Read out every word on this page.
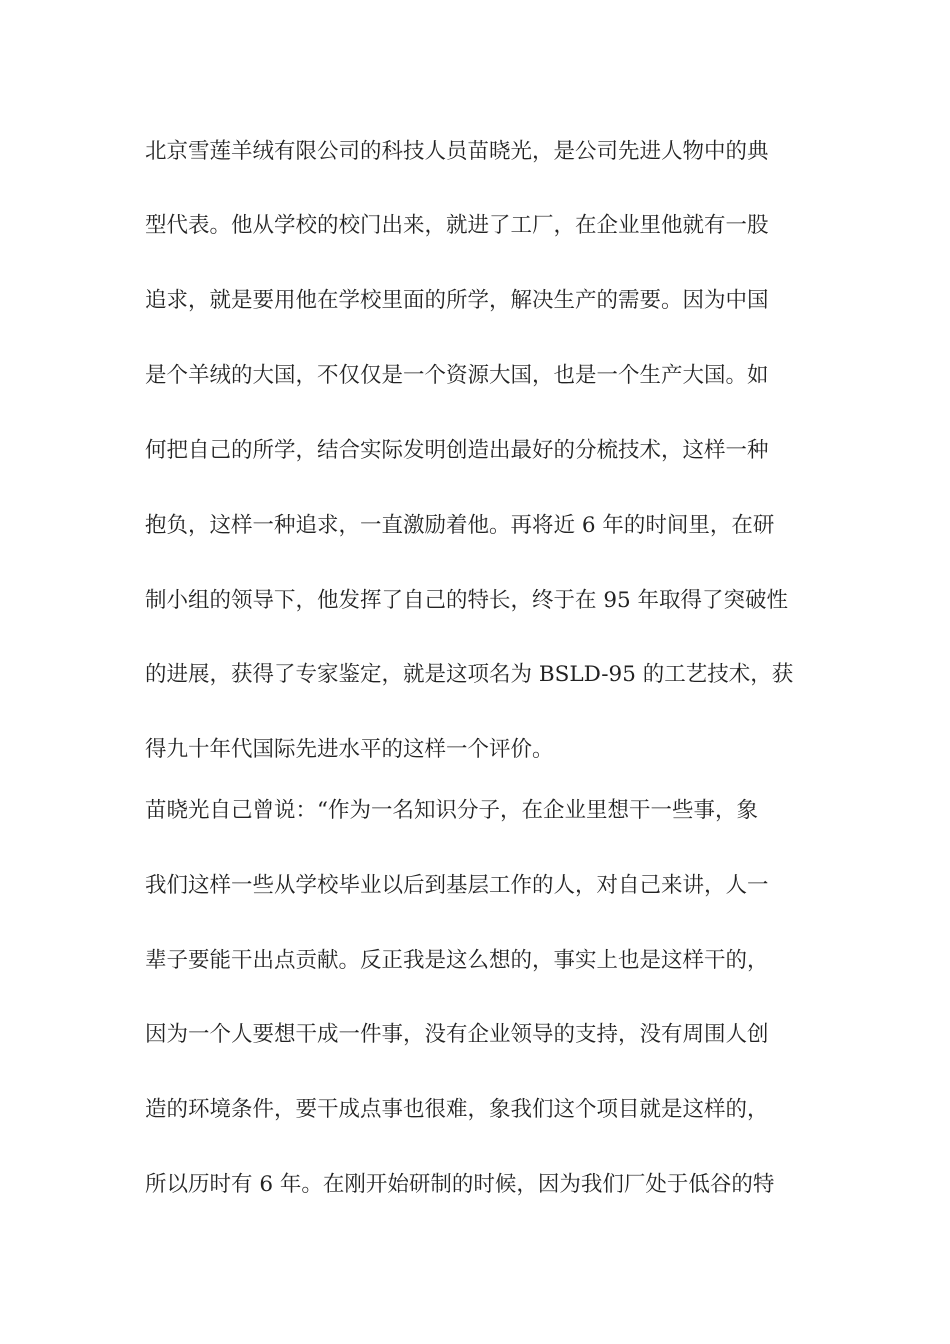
北京雪莲羊绒有限公司的科技人员苗晓光，是公司先进人物中的典
型代表。他从学校的校门出来，就进了工厂，在企业里他就有一股
追求，就是要用他在学校里面的所学，解决生产的需要。因为中国
是个羊绒的大国，不仅仅是一个资源大国，也是一个生产大国。如
何把自己的所学，结合实际发明创造出最好的分梳技术，这样一种
抱负，这样一种追求，一直激励着他。再将近 6 年的时间里，在研
制小组的领导下，他发挥了自己的特长，终于在 95 年取得了突破性
的进展，获得了专家鉴定，就是这项名为 BSLD-95 的工艺技术，获
得九十年代国际先进水平的这样一个评价。
苗晓光自己曾说：“作为一名知识分子，在企业里想干一些事，象
我们这样一些从学校毕业以后到基层工作的人，对自己来讲，人一
辈子要能干出点贡献。反正我是这么想的，事实上也是这样干的，
因为一个人要想干成一件事，没有企业领导的支持，没有周围人创
造的环境条件，要干成点事也很难，象我们这个项目就是这样的，
所以历时有 6 年。在刚开始研制的时候，因为我们厂处于低谷的特
